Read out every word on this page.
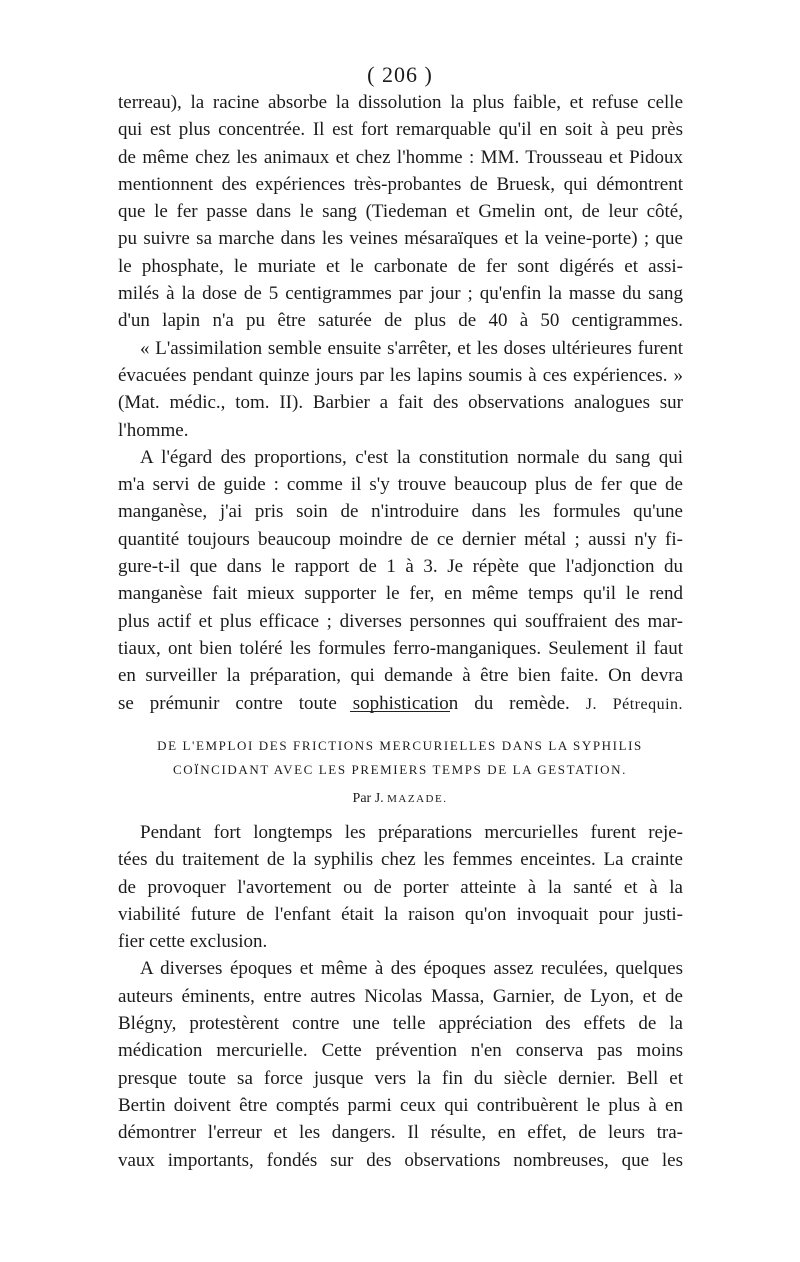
( 206 )
terreau), la racine absorbe la dissolution la plus faible, et refuse celle
qui est plus concentrée. Il est fort remarquable qu'il en soit à peu près
de même chez les animaux et chez l'homme : MM. Trousseau et Pidoux
mentionnent des expériences très-probantes de Bruesk, qui démontrent
que le fer passe dans le sang (Tiedeman et Gmelin ont, de leur côté,
pu suivre sa marche dans les veines mésaraïques et la veine-porte) ; que
le phosphate, le muriate et le carbonate de fer sont digérés et assi-
milés à la dose de 5 centigrammes par jour ; qu'enfin la masse du sang
d'un lapin n'a pu être saturée de plus de 40 à 50 centigrammes.
« L'assimilation semble ensuite s'arrêter, et les doses ultérieures furent
évacuées pendant quinze jours par les lapins soumis à ces expériences. »
(Mat. médic., tom. II). Barbier a fait des observations analogues sur
l'homme.
A l'égard des proportions, c'est la constitution normale du sang qui
m'a servi de guide : comme il s'y trouve beaucoup plus de fer que de
manganèse, j'ai pris soin de n'introduire dans les formules qu'une
quantité toujours beaucoup moindre de ce dernier métal ; aussi n'y fi-
gure-t-il que dans le rapport de 1 à 3. Je répète que l'adjonction du
manganèse fait mieux supporter le fer, en même temps qu'il le rend
plus actif et plus efficace ; diverses personnes qui souffraient des mar-
tiaux, ont bien toléré les formules ferro-manganiques. Seulement il faut
en surveiller la préparation, qui demande à être bien faite. On devra
se prémunir contre toute sophistication du remède. J. Pétrequin.
DE L'EMPLOI DES FRICTIONS MERCURIELLES DANS LA SYPHILIS
COÏNCIDANT AVEC LES PREMIERS TEMPS DE LA GESTATION.
Par J. MAZADE.
Pendant fort longtemps les préparations mercurielles furent reje-
tées du traitement de la syphilis chez les femmes enceintes. La crainte
de provoquer l'avortement ou de porter atteinte à la santé et à la
viabilité future de l'enfant était la raison qu'on invoquait pour justi-
fier cette exclusion.
A diverses époques et même à des époques assez reculées, quelques
auteurs éminents, entre autres Nicolas Massa, Garnier, de Lyon, et de
Blégny, protestèrent contre une telle appréciation des effets de la
médication mercurielle. Cette prévention n'en conserva pas moins
presque toute sa force jusque vers la fin du siècle dernier. Bell et
Bertin doivent être comptés parmi ceux qui contribuèrent le plus à en
démontrer l'erreur et les dangers. Il résulte, en effet, de leurs tra-
vaux importants, fondés sur des observations nombreuses, que les
